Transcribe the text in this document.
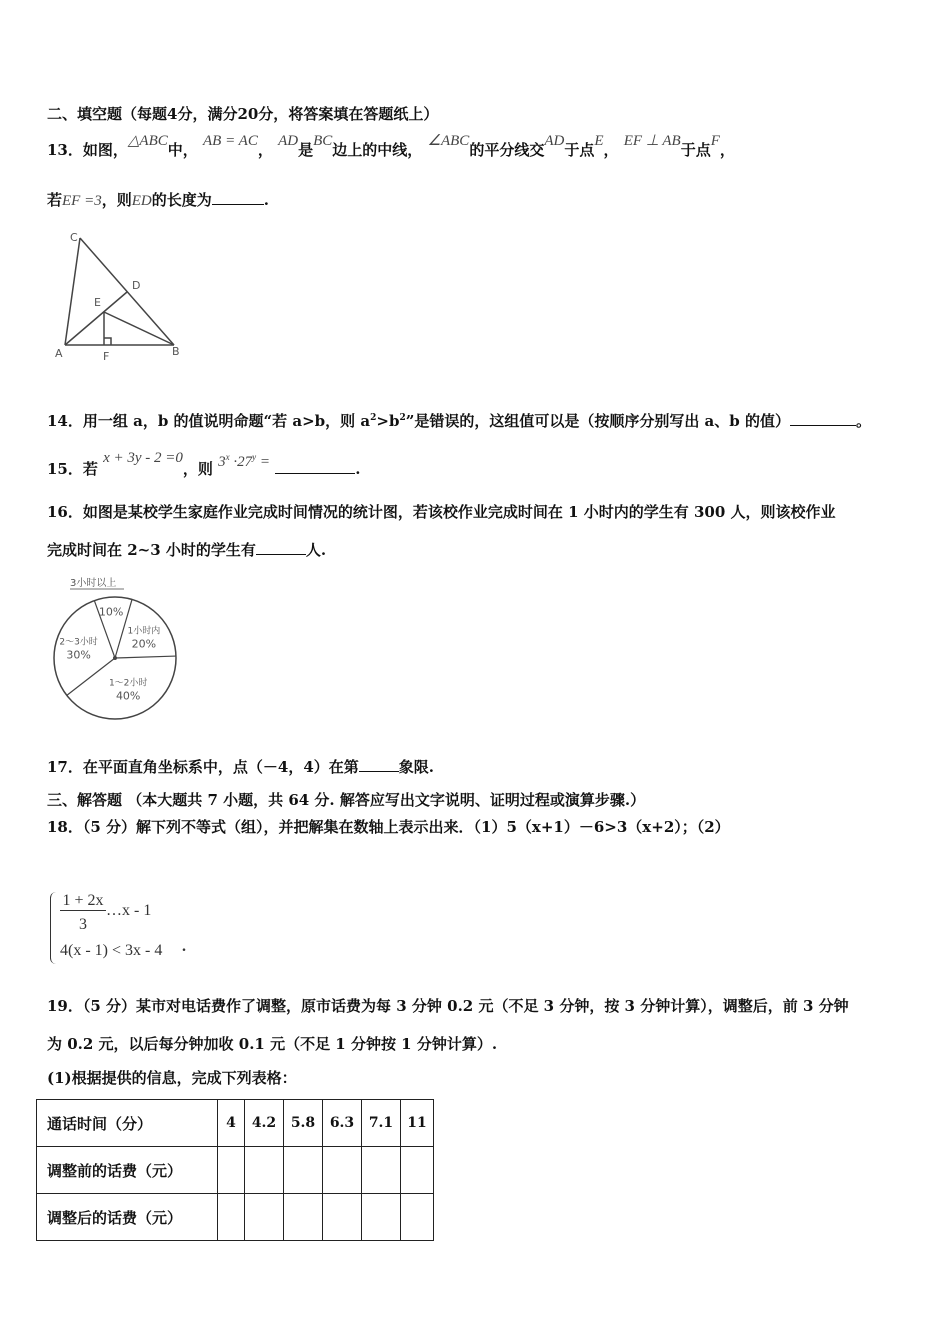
二、填空题（每题4分，满分20分，将答案填在答题纸上）
13．如图，△ABC中， AB = AC， AD是BC边上的中线， ∠ABC的平分线交AD于点E， EF ⊥ AB于点F，
若EF =3，则ED的长度为	.
C
D
E
A	F	B
14．用一组 a，b 的值说明命题“若 a>b，则 $a^2>b^2$”是错误的，这组值可以是（按顺序分别写出 a、b 的值）	。
15．若 x + 3y - 2 =0，则 $3^x \cdot 27^y$ =	.
16．如图是某校学生家庭作业完成时间情况的统计图，若该校作业完成时间在 1 小时内的学生有 300 人，则该校作业
完成时间在 2~3 小时的学生有	人.
10%
1小时内
20%
1～2小时
40%
2～3小时
30%
3小时以上
17．在平面直角坐标系中，点（－4，4）在第	象限.
三、解答题 （本大题共 7 小题，共 64 分. 解答应写出文字说明、证明过程或演算步骤.）
18．（5 分）解下列不等式（组），并把解集在数轴上表示出来．（1）5（x+1）－6>3（x+2）；（2）
1 + 2x
3
…x - 1
4(x - 1) < 3x - 4 .
19．（5 分）某市对电话费作了调整，原市话费为每 3 分钟 0.2 元（不足 3 分钟，按 3 分钟计算），调整后，前 3 分钟
为 0.2 元，以后每分钟加收 0.1 元（不足 1 分钟按 1 分钟计算）.
(1)根据提供的信息，完成下列表格：
通话时间（分）	4	4.2	5.8	6.3	7.1	11
调整前的话费（元）						
调整后的话费（元）						
